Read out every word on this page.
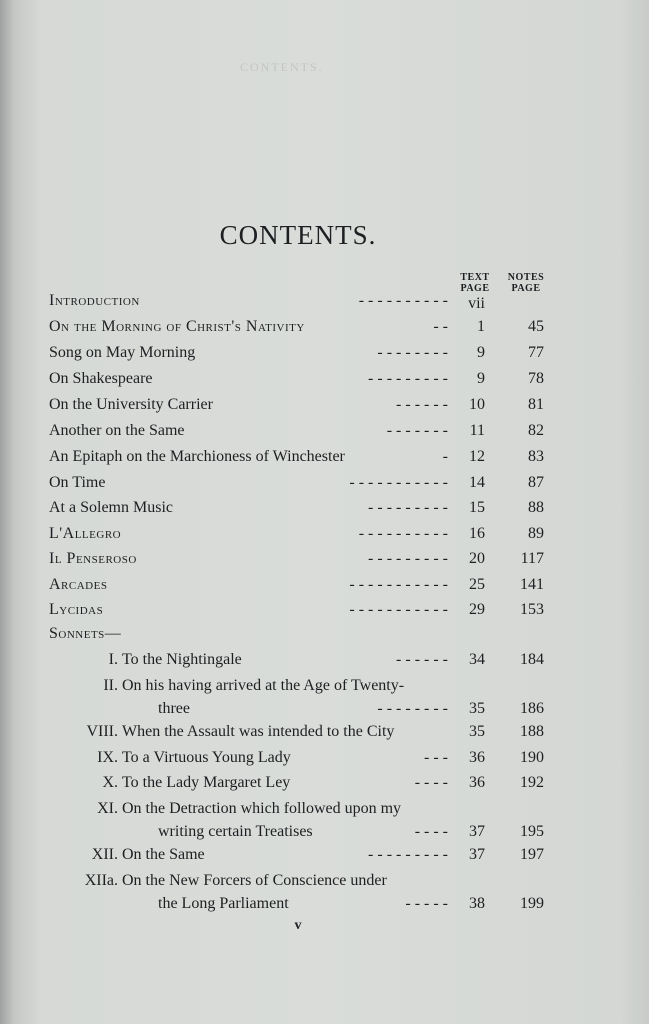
CONTENTS.
CONTENTS.
TEXT PAGE
NOTES PAGE
Introduction	- - - - - - - - - - vii
On the Morning of Christ's Nativity	- - 1	45
Song on May Morning	- - - - - - - - 9	77
On Shakespeare	- - - - - - - - - 9	78
On the University Carrier	- - - - - - 10	81
Another on the Same	- - - - - - - 11	82
An Epitaph on the Marchioness of Winchester	- 12	83
On Time	- - - - - - - - - - - 14	87
At a Solemn Music	- - - - - - - - - 15	88
L'Allegro	- - - - - - - - - - 16	89
Il Penseroso	- - - - - - - - - 20 117
Arcades	- - - - - - - - - - - 25 141
Lycidas	- - - - - - - - - - - 29 153
Sonnets—
I. To the Nightingale	- - - - - - 34 184
II. On his having arrived at the Age of Twenty-
three	- - - - - - - - 35 186
VIII. When the Assault was intended to the City	35 188
IX. To a Virtuous Young Lady	- - - 36 190
X. To the Lady Margaret Ley	- - - - 36 192
XI. On the Detraction which followed upon my
writing certain Treatises	- - - - 37 195
XII. On the Same	- - - - - - - - - 37 197
XIIa. On the New Forcers of Conscience under
the Long Parliament	- - - - - 38 199
v
